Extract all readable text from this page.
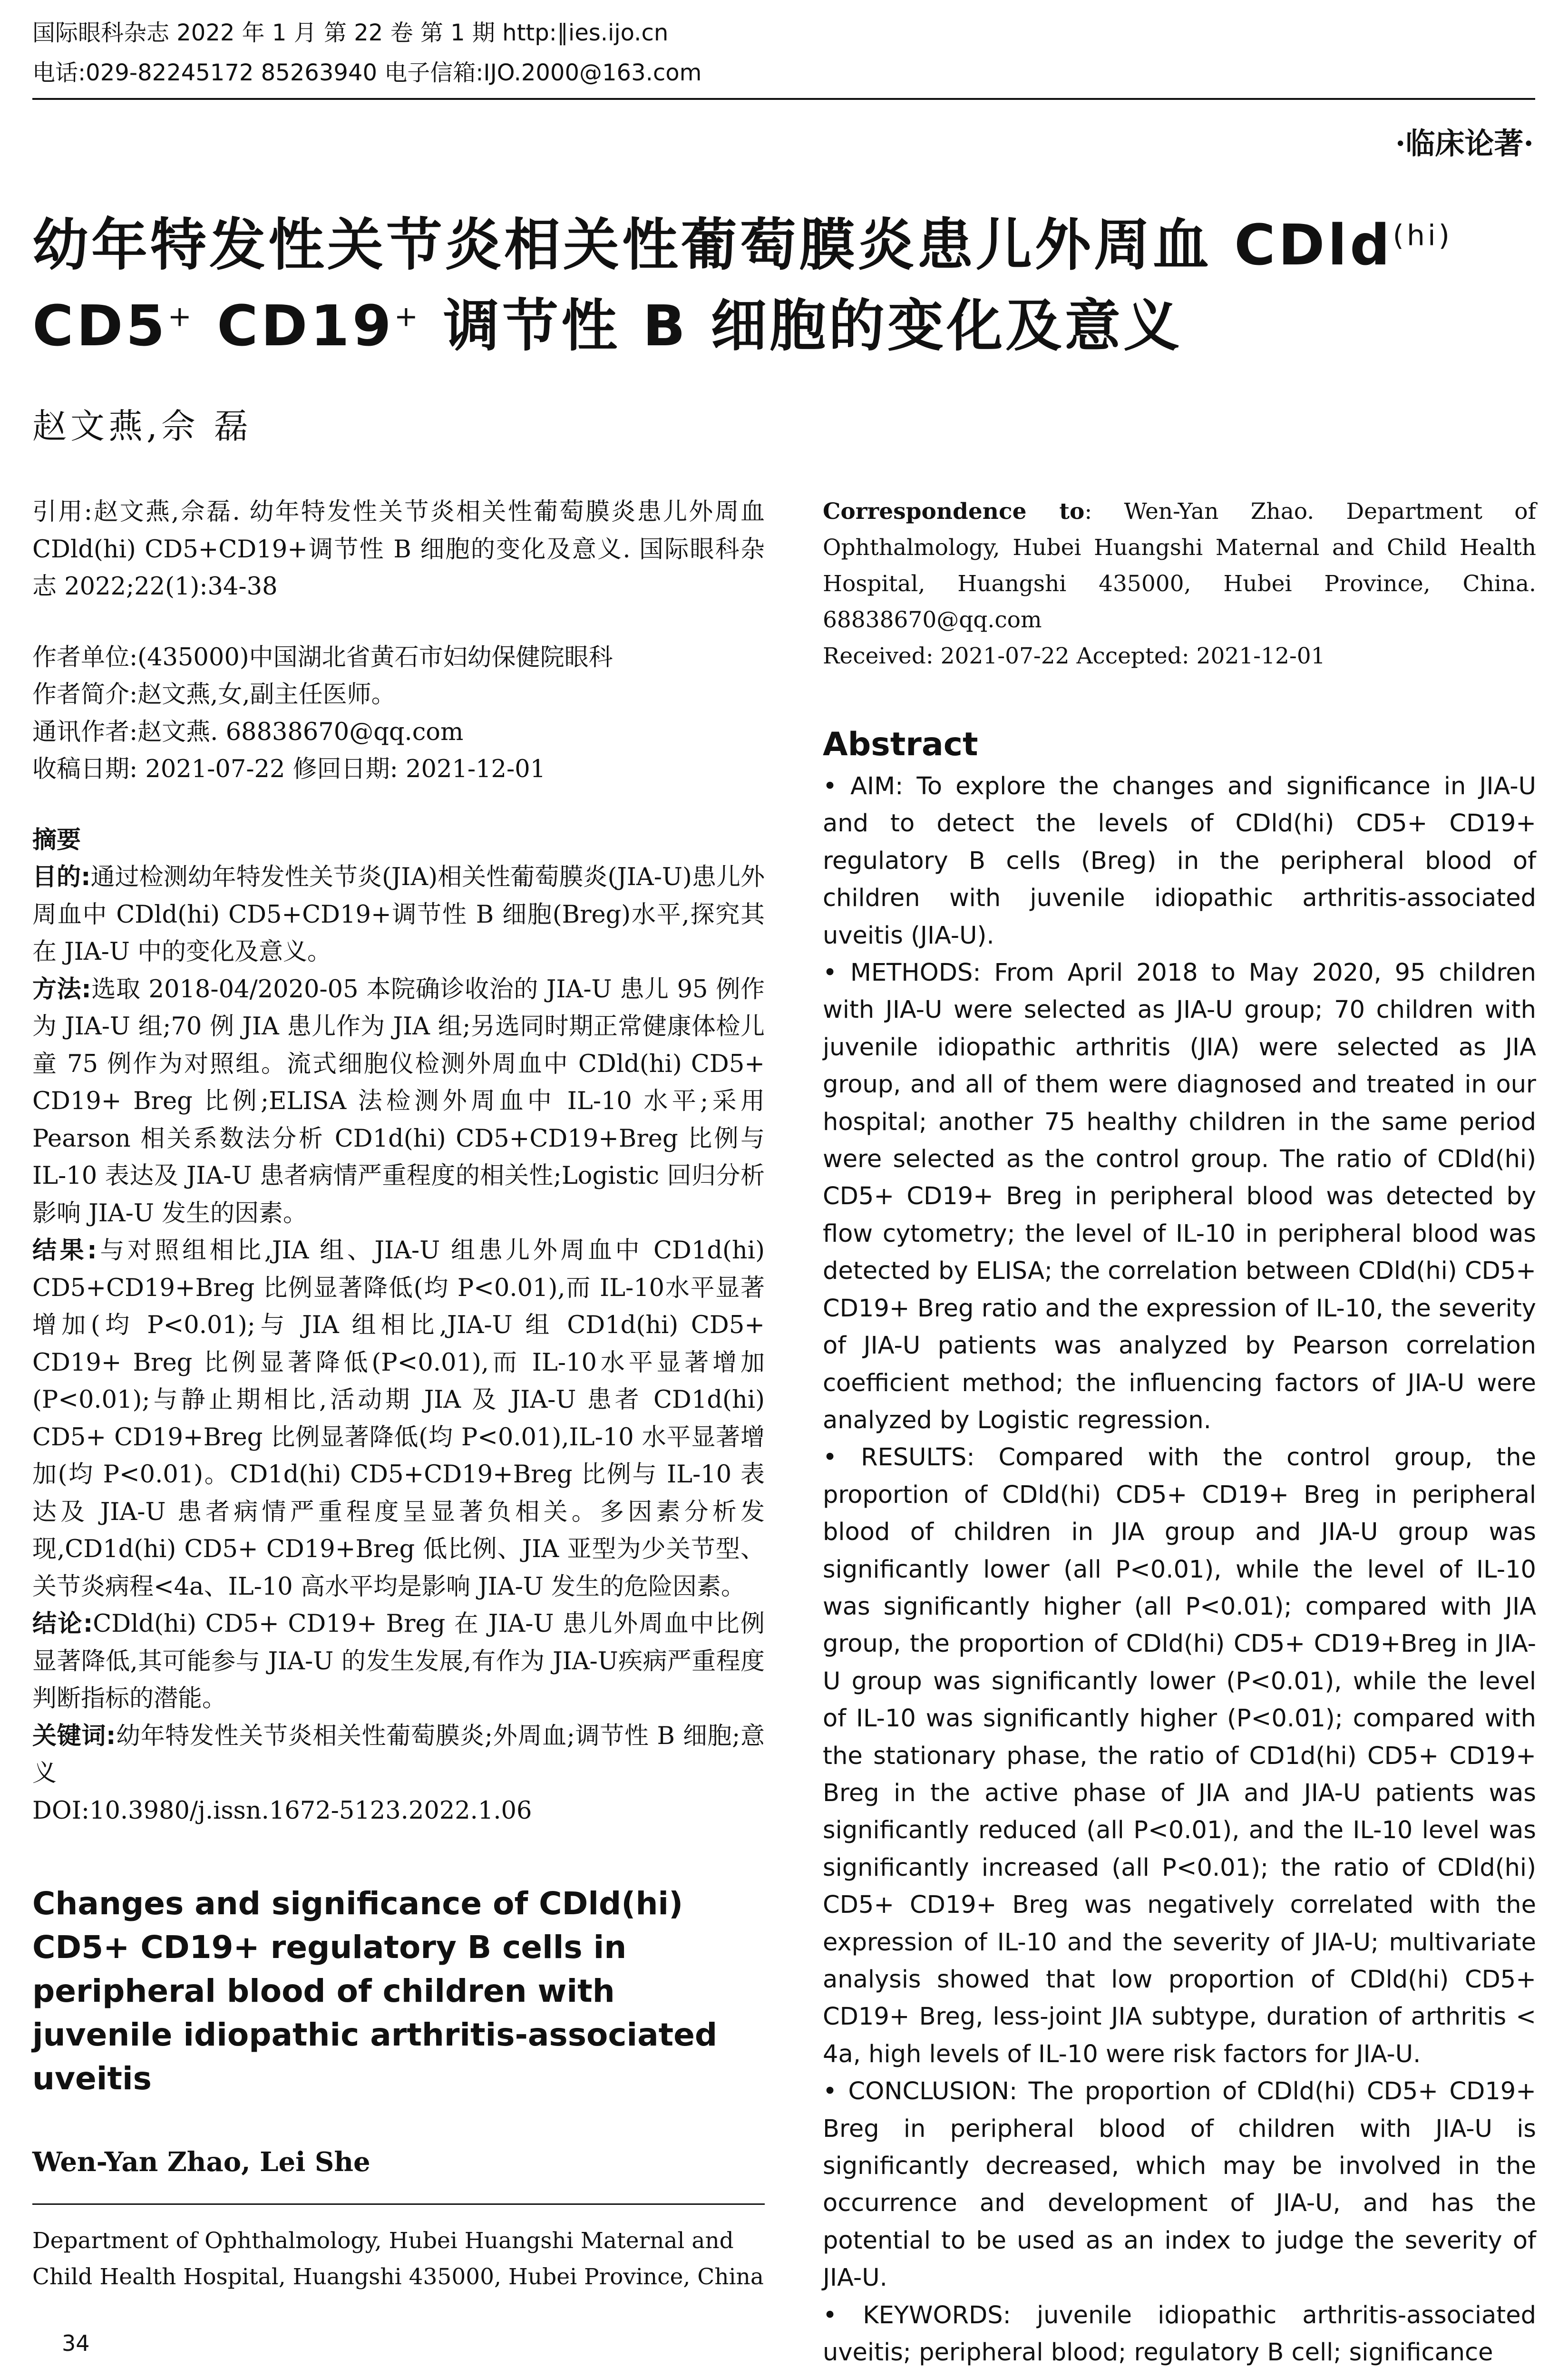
国际眼科杂志 2022 年 1 月 第 22 卷 第 1 期 http:∥ies.ijo.cn
电话:029-82245172 85263940 电子信箱:IJO.2000@163.com
·临床论著·
幼年特发性关节炎相关性葡萄膜炎患儿外周血 CDld$^{(hi)}$
CD5+ CD19+ 调节性 B 细胞的变化及意义
赵文燕,佘 磊

引用:赵文燕,佘磊. 幼年特发性关节炎相关性葡萄膜炎患儿外周血 CDld(hi) CD5+CD19+调节性 B 细胞的变化及意义. 国际眼科杂志 2022;22(1):34-38

作者单位:(435000)中国湖北省黄石市妇幼保健院眼科

作者简介:赵文燕,女,副主任医师。

通讯作者:赵文燕. 68838670@qq.com

收稿日期: 2021-07-22 修回日期: 2021-12-01

摘要

目的:通过检测幼年特发性关节炎(JIA)相关性葡萄膜炎(JIA-U)患儿外周血中 CDld(hi) CD5+CD19+调节性 B 细胞(Breg)水平,探究其在 JIA-U 中的变化及意义。

方法:选取 2018-04/2020-05 本院确诊收治的 JIA-U 患儿 95 例作为 JIA-U 组;70 例 JIA 患儿作为 JIA 组;另选同时期正常健康体检儿童 75 例作为对照组。流式细胞仪检测外周血中 CDld(hi) CD5+ CD19+ Breg 比例;ELISA 法检测外周血中 IL-10 水平;采用 Pearson 相关系数法分析 CD1d(hi) CD5+CD19+Breg 比例与 IL-10 表达及 JIA-U 患者病情严重程度的相关性;Logistic 回归分析影响 JIA-U 发生的因素。

结果:与对照组相比,JIA 组、JIA-U 组患儿外周血中 CD1d(hi) CD5+CD19+Breg 比例显著降低(均 P<0.01),而 IL-10水平显著增加(均 P<0.01);与 JIA 组相比,JIA-U 组 CD1d(hi) CD5+ CD19+ Breg 比例显著降低(P<0.01),而 IL-10水平显著增加(P<0.01);与静止期相比,活动期 JIA 及 JIA-U 患者 CD1d(hi) CD5+ CD19+Breg 比例显著降低(均 P<0.01),IL-10 水平显著增加(均 P<0.01)。CD1d(hi) CD5+CD19+Breg 比例与 IL-10 表达及 JIA-U 患者病情严重程度呈显著负相关。多因素分析发现,CD1d(hi) CD5+ CD19+Breg 低比例、JIA 亚型为少关节型、关节炎病程<4a、IL-10 高水平均是影响 JIA-U 发生的危险因素。

结论:CDld(hi) CD5+ CD19+ Breg 在 JIA-U 患儿外周血中比例显著降低,其可能参与 JIA-U 的发生发展,有作为 JIA-U疾病严重程度判断指标的潜能。

关键词:幼年特发性关节炎相关性葡萄膜炎;外周血;调节性 B 细胞;意义

DOI:10.3980/j.issn.1672-5123.2022.1.06

Changes and significance of CDld(hi) CD5+ CD19+ regulatory B cells in peripheral blood of children with juvenile idiopathic arthritis-associated uveitis

Wen-Yan Zhao, Lei She

Department of Ophthalmology, Hubei Huangshi Maternal and Child Health Hospital, Huangshi 435000, Hubei Province, China

Correspondence to: Wen-Yan Zhao. Department of Ophthalmology, Hubei Huangshi Maternal and Child Health Hospital, Huangshi 435000, Hubei Province, China. 68838670@qq.com

Received: 2021-07-22 Accepted: 2021-12-01

Abstract

• AIM: To explore the changes and significance in JIA-U and to detect the levels of CDld(hi) CD5+ CD19+ regulatory B cells (Breg) in the peripheral blood of children with juvenile idiopathic arthritis-associated uveitis (JIA-U).

• METHODS: From April 2018 to May 2020, 95 children with JIA-U were selected as JIA-U group; 70 children with juvenile idiopathic arthritis (JIA) were selected as JIA group, and all of them were diagnosed and treated in our hospital; another 75 healthy children in the same period were selected as the control group. The ratio of CDld(hi) CD5+ CD19+ Breg in peripheral blood was detected by flow cytometry; the level of IL-10 in peripheral blood was detected by ELISA; the correlation between CDld(hi) CD5+ CD19+ Breg ratio and the expression of IL-10, the severity of JIA-U patients was analyzed by Pearson correlation coefficient method; the influencing factors of JIA-U were analyzed by Logistic regression.

• RESULTS: Compared with the control group, the proportion of CDld(hi) CD5+ CD19+ Breg in peripheral blood of children in JIA group and JIA-U group was significantly lower (all P<0.01), while the level of IL-10 was significantly higher (all P<0.01); compared with JIA group, the proportion of CDld(hi) CD5+ CD19+Breg in JIA-U group was significantly lower (P<0.01), while the level of IL-10 was significantly higher (P<0.01); compared with the stationary phase, the ratio of CD1d(hi) CD5+ CD19+ Breg in the active phase of JIA and JIA-U patients was significantly reduced (all P<0.01), and the IL-10 level was significantly increased (all P<0.01); the ratio of CDld(hi) CD5+ CD19+ Breg was negatively correlated with the expression of IL-10 and the severity of JIA-U; multivariate analysis showed that low proportion of CDld(hi) CD5+ CD19+ Breg, less-joint JIA subtype, duration of arthritis < 4a, high levels of IL-10 were risk factors for JIA-U.

• CONCLUSION: The proportion of CDld(hi) CD5+ CD19+ Breg in peripheral blood of children with JIA-U is significantly decreased, which may be involved in the occurrence and development of JIA-U, and has the potential to be used as an index to judge the severity of JIA-U.

• KEYWORDS: juvenile idiopathic arthritis-associated uveitis; peripheral blood; regulatory B cell; significance

34
